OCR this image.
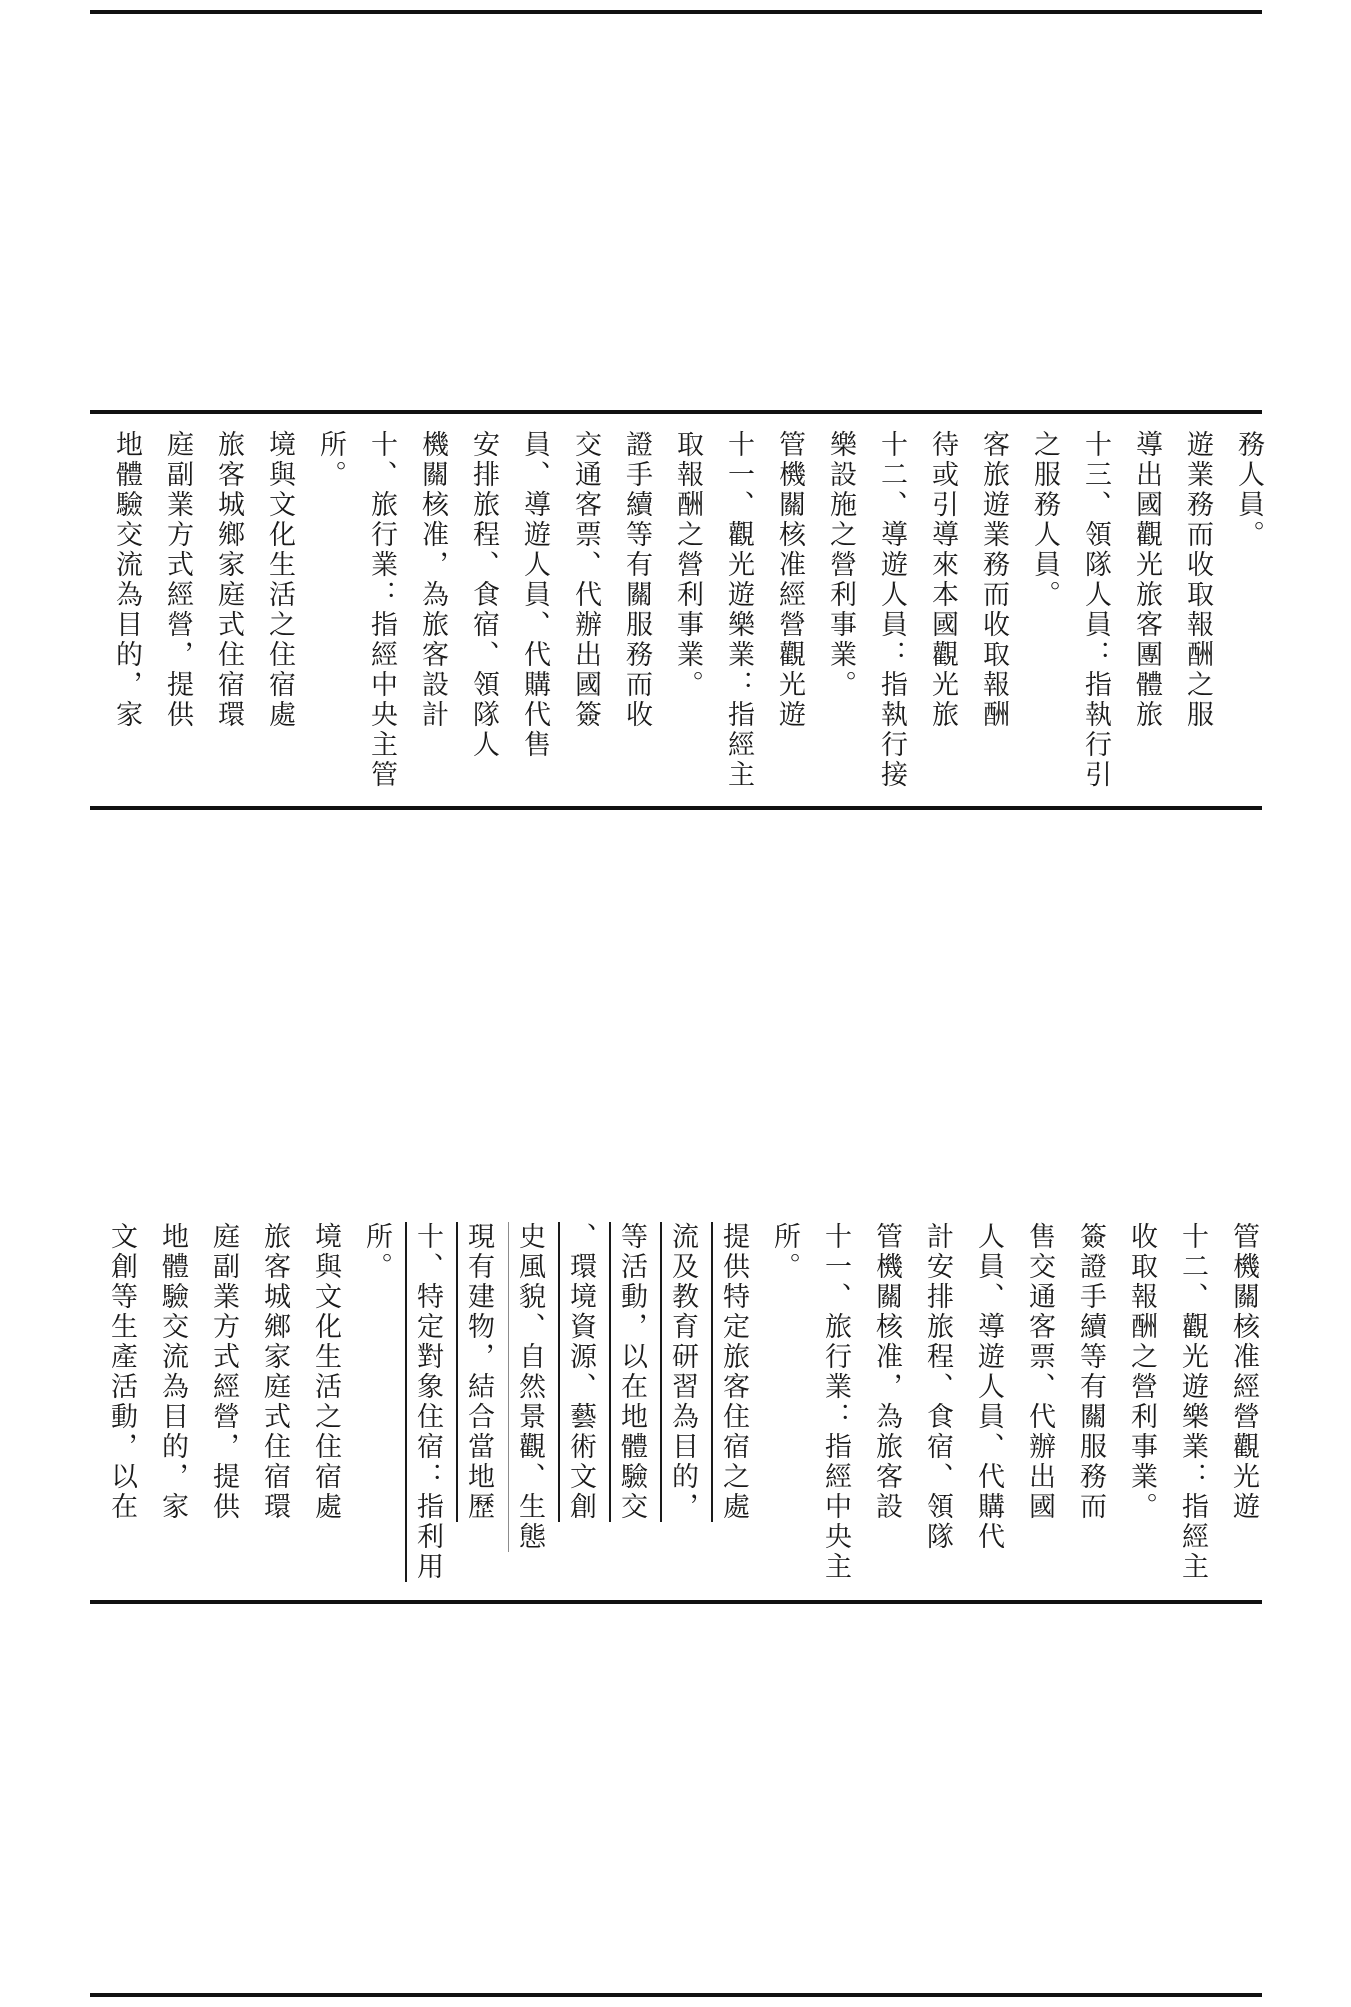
地體驗交流為目的，家 庭副業方式經營，提供 旅客城鄉家庭式住宿環 境與文化生活之住宿處 所。 十、旅行業：指經中央主管 機關核准，為旅客設計 安排旅程、食宿、領隊人 員、導遊人員、代購代售 交通客票、代辦出國簽 證手續等有關服務而收 取報酬之營利事業。 十一、觀光遊樂業：指經主 管機關核准經營觀光遊 樂設施之營利事業。 十二、導遊人員：指執行接 待或引導來本國觀光旅 客旅遊業務而收取報酬 之服務人員。 十三、領隊人員：指執行引 導出國觀光旅客團體旅 遊業務而收取報酬之服 務人員。
文創等生產活動，以在 地體驗交流為目的，家 庭副業方式經營，提供 旅客城鄉家庭式住宿環 境與文化生活之住宿處 所。 十、特定對象住宿：指利用 現有建物，結合當地歷 史風貌、自然景觀、生態 、環境資源、藝術文創 等活動，以在地體驗交 流及教育研習為目的， 提供特定旅客住宿之處 所。 十一、旅行業：指經中央主 管機關核准，為旅客設 計安排旅程、食宿、領隊 人員、導遊人員、代購代 售交通客票、代辦出國 簽證手續等有關服務而 收取報酬之營利事業。 十二、觀光遊樂業：指經主 管機關核准經營觀光遊
